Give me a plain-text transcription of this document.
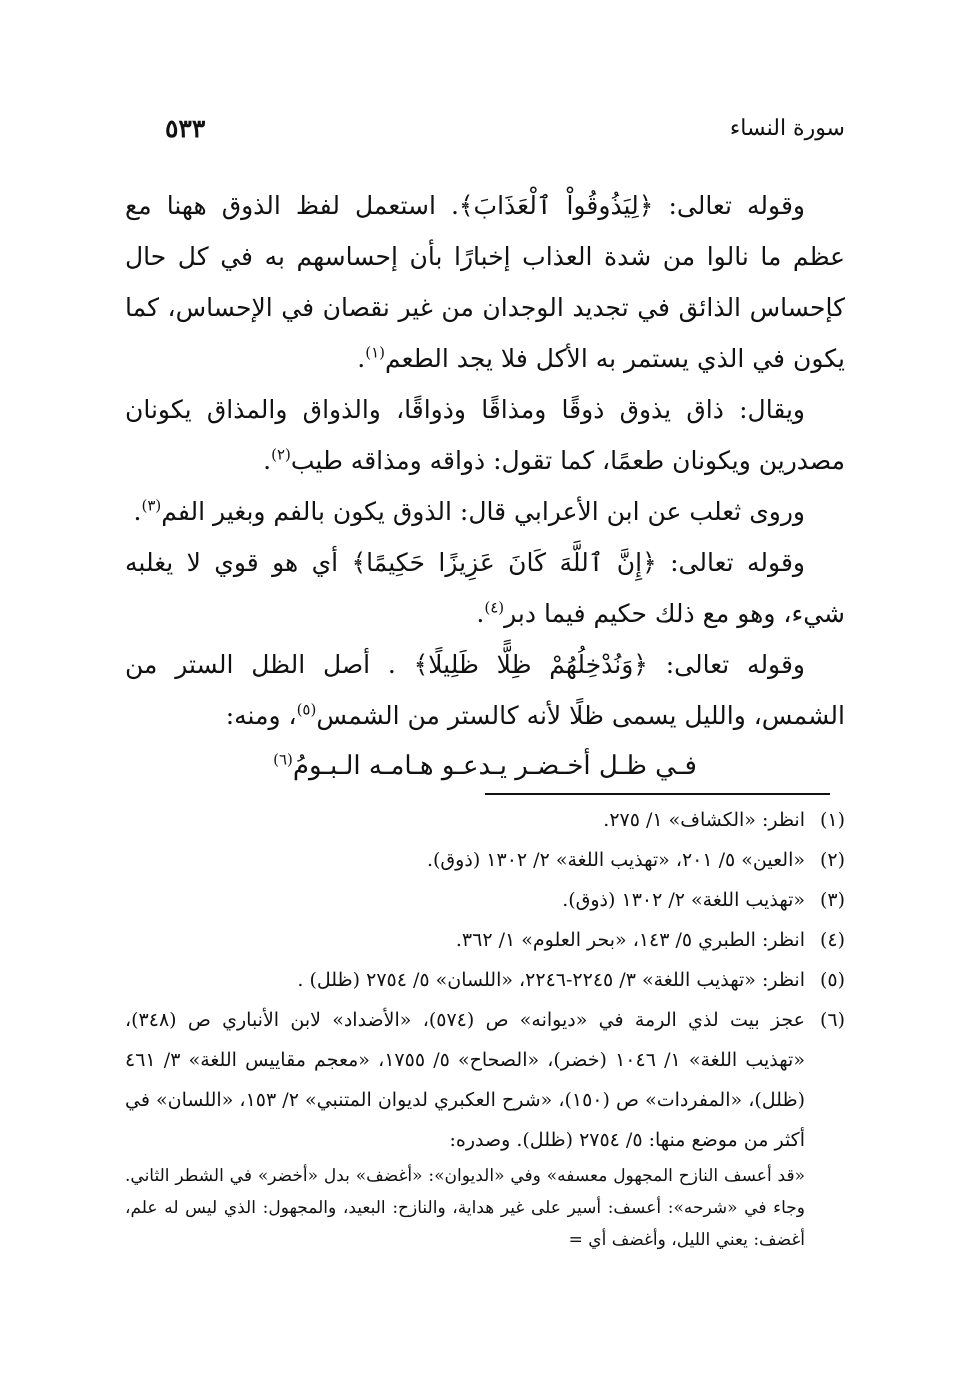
سورة النساء
٥٣٣

وقوله تعالى: ﴿لِيَذُوقُواْ ٱلْعَذَابَ﴾. استعمل لفظ الذوق ههنا مع عظم ما نالوا من شدة العذاب إخبارًا بأن إحساسهم به في كل حال كإحساس الذائق في تجديد الوجدان من غير نقصان في الإحساس، كما يكون في الذي يستمر به الأكل فلا يجد الطعم$^{(١)}$.

ويقال: ذاق يذوق ذوقًا ومذاقًا وذواقًا، والذواق والمذاق يكونان مصدرين ويكونان طعمًا، كما تقول: ذواقه ومذاقه طيب$^{(٢)}$.

وروى ثعلب عن ابن الأعرابي قال: الذوق يكون بالفم وبغير الفم$^{(٣)}$.

وقوله تعالى: ﴿إِنَّ ٱللَّهَ كَانَ عَزِيزًا حَكِيمًا﴾ أي هو قوي لا يغلبه شيء، وهو مع ذلك حكيم فيما دبر$^{(٤)}$.

وقوله تعالى: ﴿وَنُدْخِلُهُمْ ظِلًّا ظَلِيلًا﴾ . أصل الظل الستر من الشمس، والليل يسمى ظلًا لأنه كالستر من الشمس$^{(٥)}$، ومنه:

فـي ظـل أخـضـر يـدعـو هـامـه الـبـومُ$^{(٦)}$

(١)
انظر: «الكشاف» ١/ ٢٧٥.
(٢)
«العين» ٥/ ٢٠١، «تهذيب اللغة» ٢/ ١٣٠٢ (ذوق).
(٣)
«تهذيب اللغة» ٢/ ١٣٠٢ (ذوق).
(٤)
انظر: الطبري ٥/ ١٤٣، «بحر العلوم» ١/ ٣٦٢.
(٥)
انظر: «تهذيب اللغة» ٣/ ٢٢٤٥-٢٢٤٦، «اللسان» ٥/ ٢٧٥٤ (ظلل) .
(٦)
عجز بيت لذي الرمة في «ديوانه» ص (٥٧٤)، «الأضداد» لابن الأنباري ص (٣٤٨)، «تهذيب اللغة» ١/ ١٠٤٦ (خضر)، «الصحاح» ٥/ ١٧٥٥، «معجم مقاييس اللغة» ٣/ ٤٦١ (ظلل)، «المفردات» ص (١٥٠)، «شرح العكبري لديوان المتنبي» ٢/ ١٥٣، «اللسان» في أكثر من موضع منها: ٥/ ٢٧٥٤ (ظلل). وصدره:
«قد أعسف النازح المجهول معسفه» وفي «الديوان»: «أغضف» بدل «أخضر» في الشطر الثاني. وجاء في «شرحه»: أعسف: أسير على غير هداية، والنازح: البعيد، والمجهول: الذي ليس له علم، أغضف: يعني الليل، وأغضف أي =
